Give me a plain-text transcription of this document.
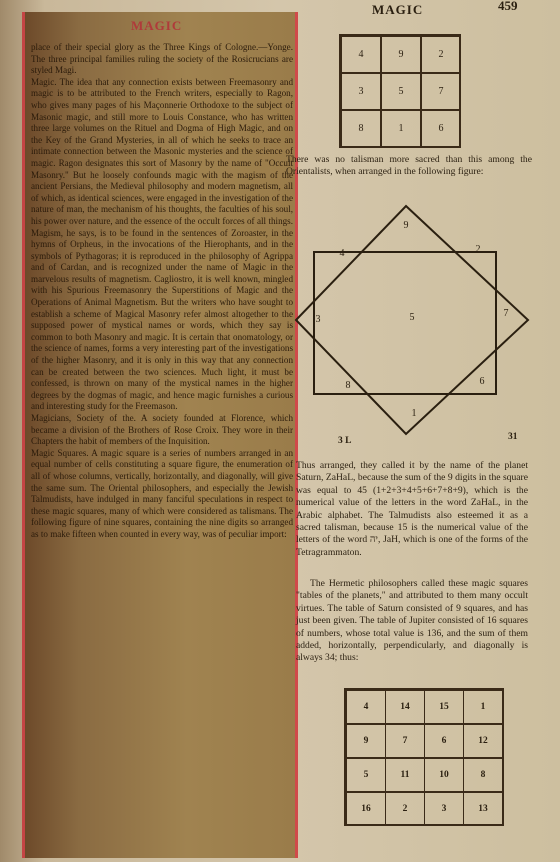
MAGIC

place of their special glory as the Three Kings of Cologne.—Yonge. The three principal families ruling the society of the Rosicrucians are styled Magi.

Magic. The idea that any connection exists between Freemasonry and magic is to be attributed to the French writers, especially to Ragon, who gives many pages of his Maçonnerie Orthodoxe to the subject of Masonic magic, and still more to Louis Constance, who has written three large volumes on the Rituel and Dogma of High Magic, and on the Key of the Grand Mysteries, in all of which he seeks to trace an intimate connection between the Masonic mysteries and the science of magic. Ragon designates this sort of Masonry by the name of "Occult Masonry." But he loosely confounds magic with the magism of the ancient Persians, the Medieval philosophy and modern magnetism, all of which, as identical sciences, were engaged in the investigation of the nature of man, the mechanism of his thoughts, the faculties of his soul, his power over nature, and the essence of the occult forces of all things. Magism, he says, is to be found in the sentences of Zoroaster, in the hymns of Orpheus, in the invocations of the Hierophants, and in the symbols of Pythagoras; it is reproduced in the philosophy of Agrippa and of Cardan, and is recognized under the name of Magic in the marvelous results of magnetism. Cagliostro, it is well known, mingled with his Spurious Freemasonry the Superstitions of Magic and the Operations of Animal Magnetism. But the writers who have sought to establish a scheme of Magical Masonry refer almost altogether to the supposed power of mystical names or words, which they say is common to both Masonry and magic. It is certain that onomatology, or the science of names, forms a very interesting part of the investigations of the higher Masonry, and it is only in this way that any connection can be created between the two sciences. Much light, it must be confessed, is thrown on many of the mystical names in the higher degrees by the dogmas of magic, and hence magic furnishes a curious and interesting study for the Freemason.

Magicians, Society of the. A society founded at Florence, which became a division of the Brothers of Rose Croix. They wore in their Chapters the habit of members of the Inquisition.

Magic Squares. A magic square is a series of numbers arranged in an equal number of cells constituting a square figure, the enumeration of all of whose columns, vertically, horizontally, and diagonally, will give the same sum. The Oriental philosophers, and especially the Jewish Talmudists, have indulged in many fanciful speculations in respect to these magic squares, many of which were considered as talismans. The following figure of nine squares, containing the nine digits so arranged as to make fifteen when counted in every way, was of peculiar import:

MAGIC	459
4	9	2
3	5	7
8	1	6
There was no talisman more sacred than this among the Orientalists, when arranged in the following figure:
9
2
4
3	5	7
8	6
1
3 L	31
Thus arranged, they called it by the name of the planet Saturn, ZaHaL, because the sum of the 9 digits in the square was equal to 45 (1+2+3+4+5+6+7+8+9), which is the numerical value of the letters in the word ZaHaL, in the Arabic alphabet. The Talmudists also esteemed it as a sacred talisman, because 15 is the numerical value of the letters of the word יה, JaH, which is one of the forms of the Tetragrammaton.
The Hermetic philosophers called these magic squares "tables of the planets," and attributed to them many occult virtues. The table of Saturn consisted of 9 squares, and has just been given. The table of Jupiter consisted of 16 squares of numbers, whose total value is 136, and the sum of them added, horizontally, perpendicularly, and diagonally is always 34; thus:
4	14	15	1
9	7	6	12
5	11	10	8
16	2	3	13
